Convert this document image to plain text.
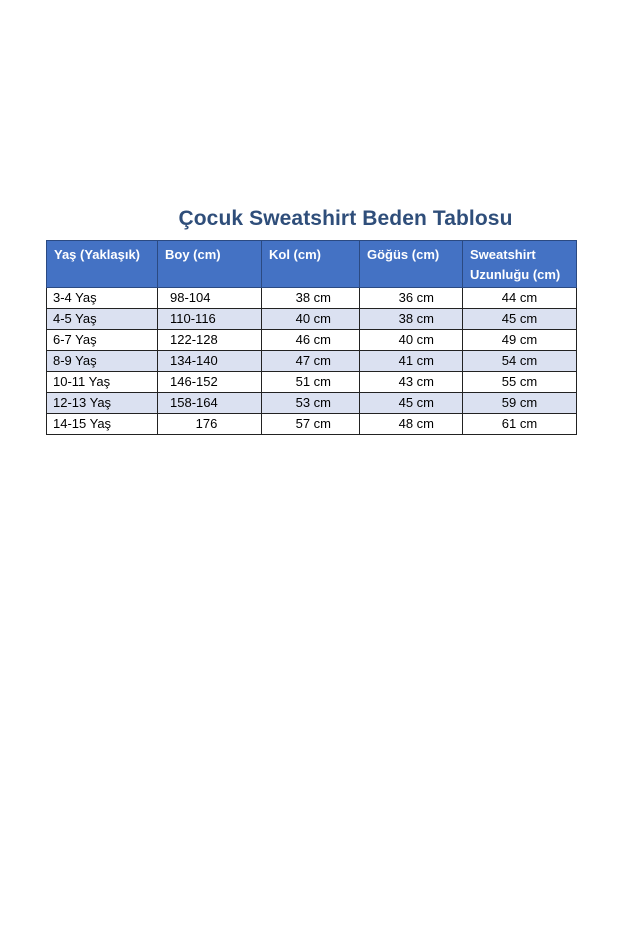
Çocuk Sweatshirt Beden Tablosu
Yaş (Yaklaşık)	Boy (cm)	Kol (cm)	Göğüs (cm)	Sweatshirt Uzunluğu (cm)
3-4 Yaş	98-104	38 cm	36 cm	44 cm
4-5 Yaş	110-116	40 cm	38 cm	45 cm
6-7 Yaş	122-128	46 cm	40 cm	49 cm
8-9 Yaş	134-140	47 cm	41 cm	54 cm
10-11 Yaş	146-152	51 cm	43 cm	55 cm
12-13 Yaş	158-164	53 cm	45 cm	59 cm
14-15 Yaş	176	57 cm	48 cm	61 cm
